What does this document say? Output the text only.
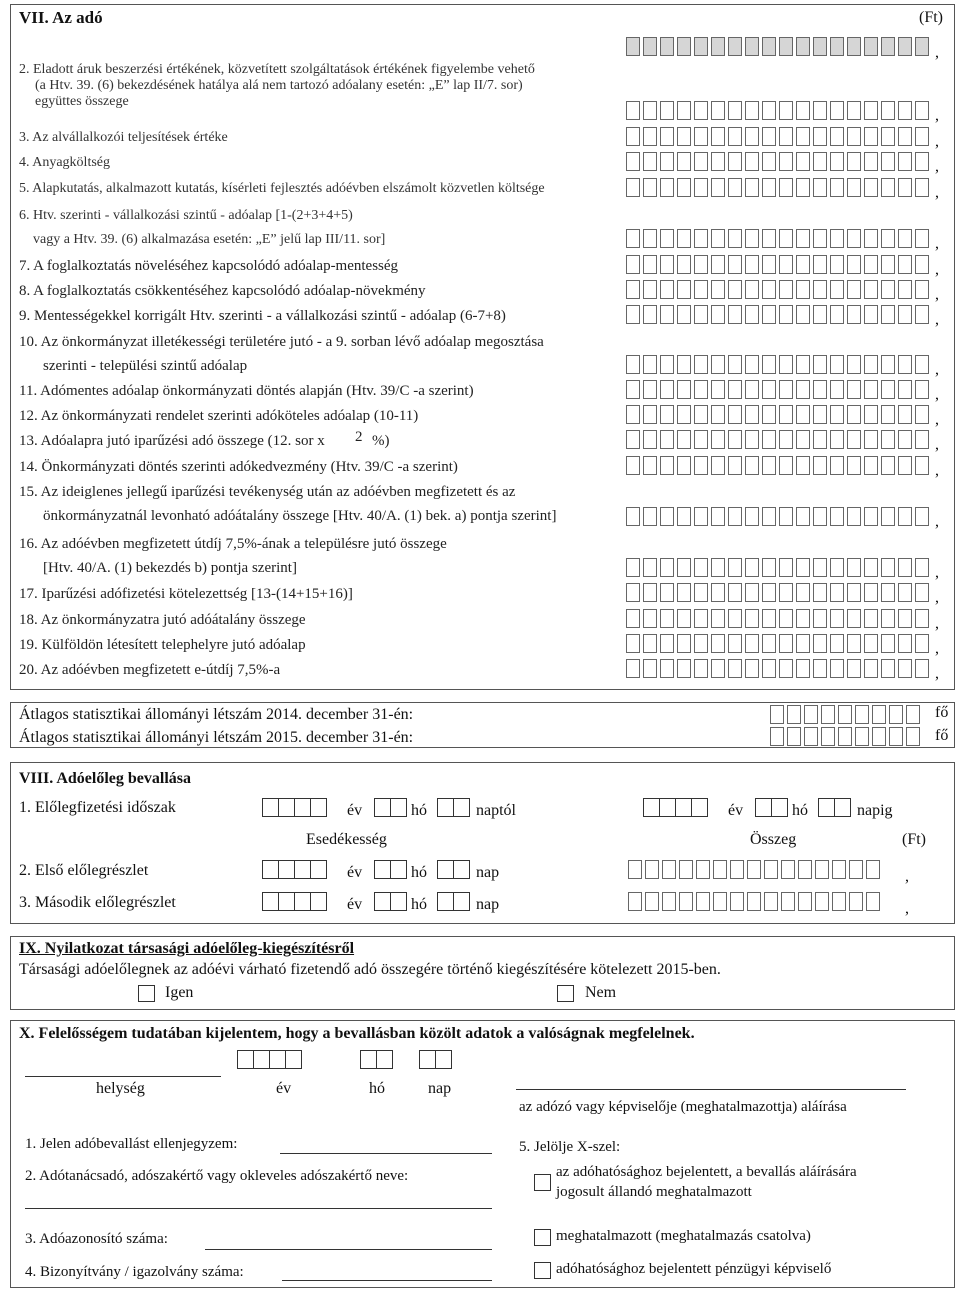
VII. Az adó	(Ft)
,
2. Eladott áruk beszerzési értékének, közvetített szolgáltatások értékének figyelembe vehető
(a Htv. 39. (6) bekezdésének hatálya alá nem tartozó adóalany esetén: „E” lap II/7. sor)
együttes összege
,
3. Az alvállalkozói teljesítések értéke	,
4. Anyagköltség	,
5. Alapkutatás, alkalmazott kutatás, kísérleti fejlesztés adóévben elszámolt közvetlen költsége	,
6. Htv. szerinti - vállalkozási szintű - adóalap [1-(2+3+4+5)
vagy a Htv. 39. (6) alkalmazása esetén: „E” jelű lap III/11. sor]	,
7. A foglalkoztatás növeléséhez kapcsolódó adóalap-mentesség	,
8. A foglalkoztatás csökkentéséhez kapcsolódó adóalap-növekmény	,
9. Mentességekkel korrigált Htv. szerinti - a vállalkozási szintű - adóalap (6-7+8)	,
10. Az önkormányzat illetékességi területére jutó - a 9. sorban lévő adóalap megosztása
szerinti - települési szintű adóalap	,
11. Adómentes adóalap önkormányzati döntés alapján (Htv. 39/C -a szerint)	,
12. Az önkormányzati rendelet szerinti adóköteles adóalap (10-11)	,
13. Adóalapra jutó iparűzési adó összege (12. sor x 2 %)	,
14. Önkormányzati döntés szerinti adókedvezmény (Htv. 39/C -a szerint)	,
15. Az ideiglenes jellegű iparűzési tevékenység után az adóévben megfizetett és az
önkormányzatnál levonható adóátalány összege [Htv. 40/A. (1) bek. a) pontja szerint]	,
16. Az adóévben megfizetett útdíj 7,5%-ának a településre jutó összege
[Htv. 40/A. (1) bekezdés b) pontja szerint]	,
17. Iparűzési adófizetési kötelezettség [13-(14+15+16)]	,
18. Az önkormányzatra jutó adóátalány összege	,
19. Külföldön létesített telephelyre jutó adóalap	,
20. Az adóévben megfizetett e-útdíj 7,5%-a	,
Átlagos statisztikai állományi létszám 2014. december 31-én:
Átlagos statisztikai állományi létszám 2015. december 31-én:
fő
fő
VIII. Adóelőleg bevallása
1. Előlegfizetési időszak	év	hó	naptól	év	hó	napig
Esedékesség	Összeg	(Ft)
2. Első előlegrészlet	év	hó	nap	,
3. Második előlegrészlet	év	hó	nap	,
IX. Nyilatkozat társasági adóelőleg-kiegészítésről
Társasági adóelőlegnek az adóévi várható fizetendő adó összegére történő kiegészítésére kötelezett 2015-ben.
Igen	Nem
X. Felelősségem tudatában kijelentem, hogy a bevallásban közölt adatok a valóságnak megfelelnek.
helység	év	hó	nap
az adózó vagy képviselője (meghatalmazottja) aláírása
1. Jelen adóbevallást ellenjegyzem:
2. Adótanácsadó, adószakértő vagy okleveles adószakértő neve:
3. Adóazonosító száma:
4. Bizonyítvány / igazolvány száma:
5. Jelölje X-szel:
az adóhatósághoz bejelentett, a bevallás aláírására
jogosult állandó meghatalmazott
meghatalmazott (meghatalmazás csatolva)
adóhatósághoz bejelentett pénzügyi képviselő
